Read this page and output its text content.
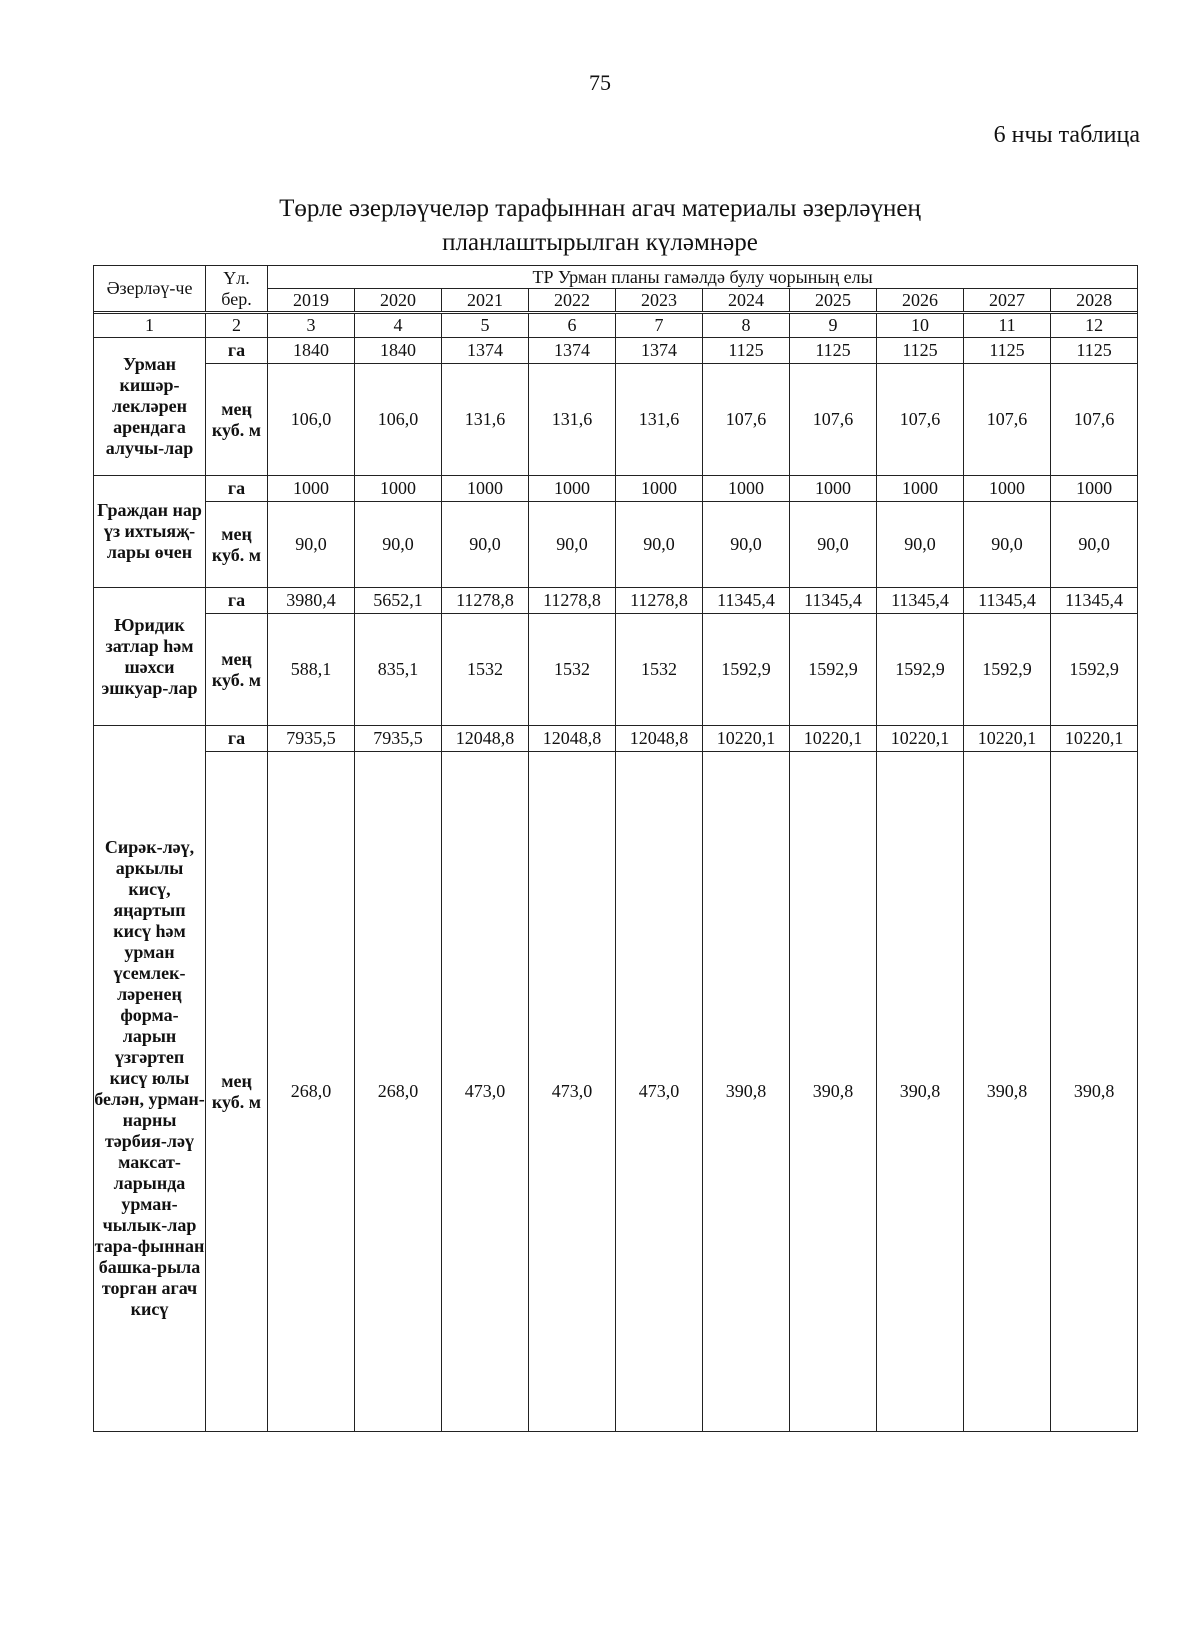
75
6 нчы таблица
Төрле әзерләүчеләр тарафыннан агач материалы әзерләүнең
планлаштырылган күләмнәре
Әзерләү-че	Үл. бер.	ТР Урман планы гамәлдә булу чорының елы									
		2019	2020	2021	2022	2023	2024	2025	2026	2027	2028

1	2	3	4	5	6	7	8	9	10	11	12
Урман кишәр-лекләрен арендага алучы-лар	га	1840	1840	1374	1374	1374	1125	1125	1125	1125	1125
	мең куб. м	106,0	106,0	131,6	131,6	131,6	107,6	107,6	107,6	107,6	107,6
Граждан нар үз ихтыяҗ-лары өчен	га	1000	1000	1000	1000	1000	1000	1000	1000	1000	1000
	мең куб. м	90,0	90,0	90,0	90,0	90,0	90,0	90,0	90,0	90,0	90,0
Юридик затлар һәм шәхси эшкуар-лар	га	3980,4	5652,1	11278,8	11278,8	11278,8	11345,4	11345,4	11345,4	11345,4	11345,4
	мең куб. м	588,1	835,1	1532	1532	1532	1592,9	1592,9	1592,9	1592,9	1592,9
Сирәк-ләү, аркылы кисү, яңартып кисү һәм урман үсемлек-ләренең форма-ларын үзгәртеп кисү юлы белән, урман-нарны тәрбия-ләү максат-ларында урман-чылык-лар тара-фыннан башка-рыла торган агач кисү	га	7935,5	7935,5	12048,8	12048,8	12048,8	10220,1	10220,1	10220,1	10220,1	10220,1
	мең куб. м	268,0	268,0	473,0	473,0	473,0	390,8	390,8	390,8	390,8	390,8
